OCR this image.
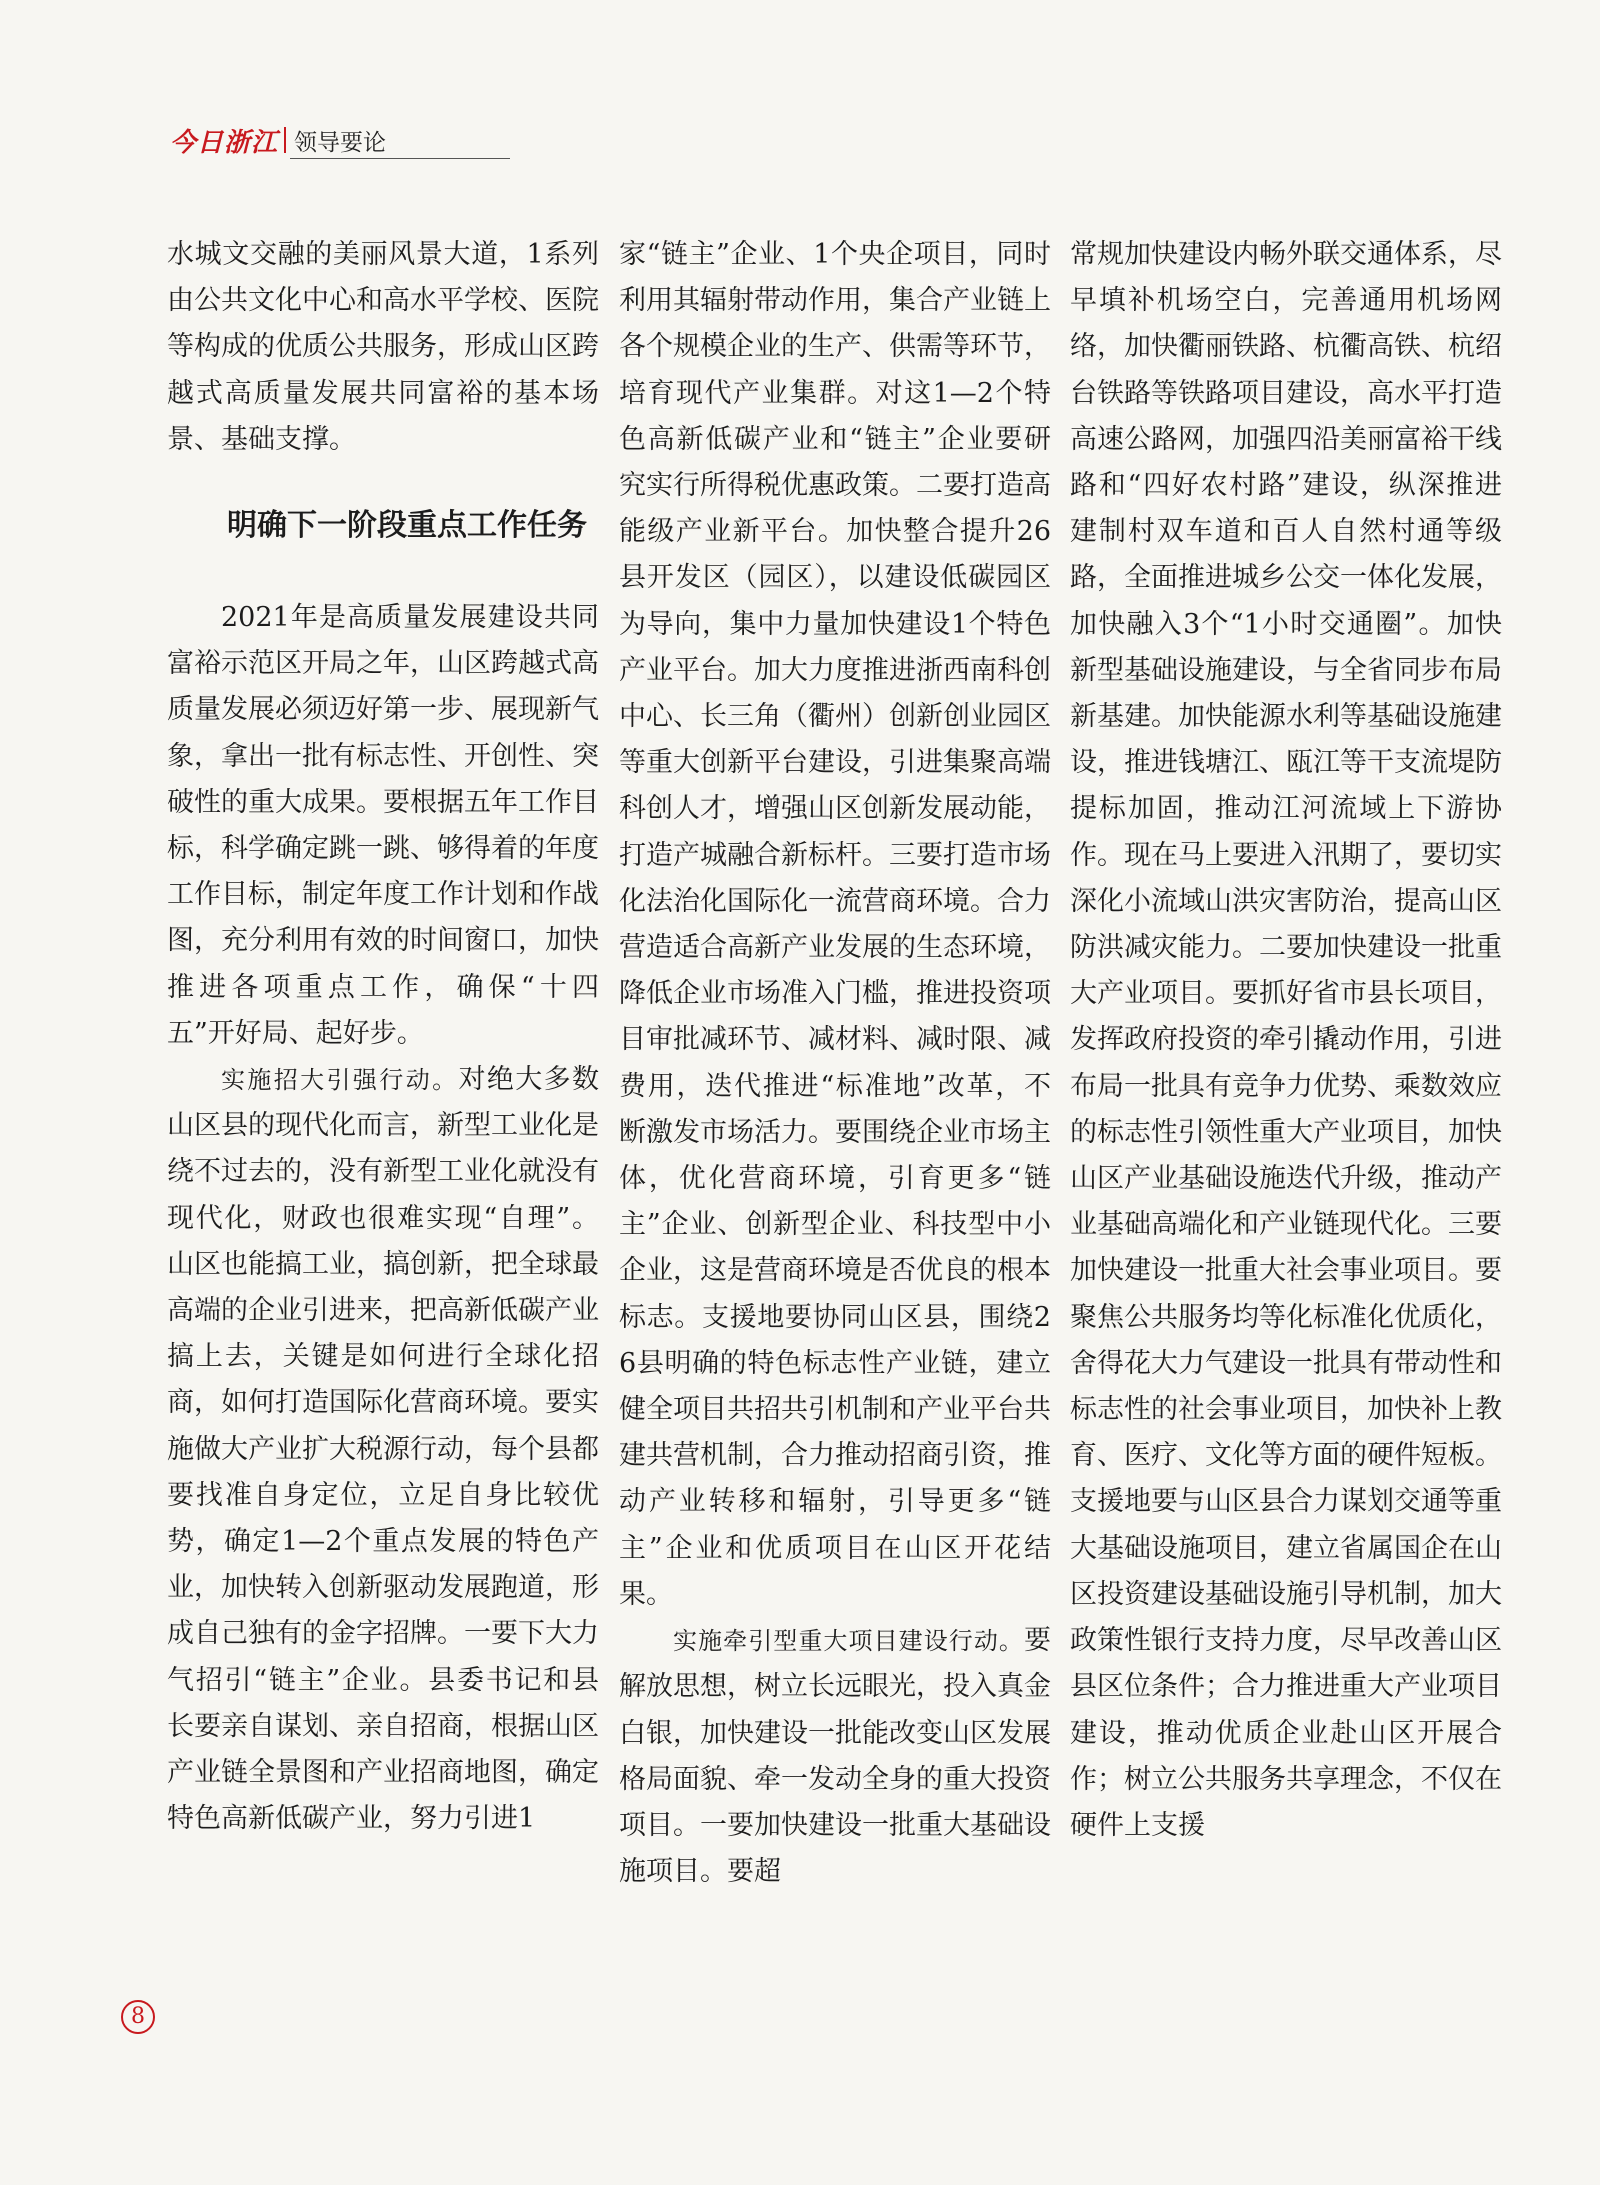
今日浙江 领导要论

水城文交融的美丽风景大道，1系列由公共文化中心和高水平学校、医院等构成的优质公共服务，形成山区跨越式高质量发展共同富裕的基本场景、基础支撑。

明确下一阶段重点工作任务

2021年是高质量发展建设共同富裕示范区开局之年，山区跨越式高质量发展必须迈好第一步、展现新气象，拿出一批有标志性、开创性、突破性的重大成果。要根据五年工作目标，科学确定跳一跳、够得着的年度工作目标，制定年度工作计划和作战图，充分利用有效的时间窗口，加快推进各项重点工作，确保“十四五”开好局、起好步。

实施招大引强行动。对绝大多数山区县的现代化而言，新型工业化是绕不过去的，没有新型工业化就没有现代化，财政也很难实现“自理”。山区也能搞工业，搞创新，把全球最高端的企业引进来，把高新低碳产业搞上去，关键是如何进行全球化招商，如何打造国际化营商环境。要实施做大产业扩大税源行动，每个县都要找准自身定位，立足自身比较优势，确定1—2个重点发展的特色产业，加快转入创新驱动发展跑道，形成自己独有的金字招牌。一要下大力气招引“链主”企业。县委书记和县长要亲自谋划、亲自招商，根据山区产业链全景图和产业招商地图，确定特色高新低碳产业，努力引进1

家“链主”企业、1个央企项目，同时利用其辐射带动作用，集合产业链上各个规模企业的生产、供需等环节，培育现代产业集群。对这1—2个特色高新低碳产业和“链主”企业要研究实行所得税优惠政策。二要打造高能级产业新平台。加快整合提升26县开发区（园区），以建设低碳园区为导向，集中力量加快建设1个特色产业平台。加大力度推进浙西南科创中心、长三角（衢州）创新创业园区等重大创新平台建设，引进集聚高端科创人才，增强山区创新发展动能，打造产城融合新标杆。三要打造市场化法治化国际化一流营商环境。合力营造适合高新产业发展的生态环境，降低企业市场准入门槛，推进投资项目审批减环节、减材料、减时限、减费用，迭代推进“标准地”改革，不断激发市场活力。要围绕企业市场主体，优化营商环境，引育更多“链主”企业、创新型企业、科技型中小企业，这是营商环境是否优良的根本标志。支援地要协同山区县，围绕26县明确的特色标志性产业链，建立健全项目共招共引机制和产业平台共建共营机制，合力推动招商引资，推动产业转移和辐射，引导更多“链主”企业和优质项目在山区开花结果。

实施牵引型重大项目建设行动。要解放思想，树立长远眼光，投入真金白银，加快建设一批能改变山区发展格局面貌、牵一发动全身的重大投资项目。一要加快建设一批重大基础设施项目。要超

常规加快建设内畅外联交通体系，尽早填补机场空白，完善通用机场网络，加快衢丽铁路、杭衢高铁、杭绍台铁路等铁路项目建设，高水平打造高速公路网，加强四沿美丽富裕干线路和“四好农村路”建设，纵深推进建制村双车道和百人自然村通等级路，全面推进城乡公交一体化发展，加快融入3个“1小时交通圈”。加快新型基础设施建设，与全省同步布局新基建。加快能源水利等基础设施建设，推进钱塘江、瓯江等干支流堤防提标加固，推动江河流域上下游协作。现在马上要进入汛期了，要切实深化小流域山洪灾害防治，提高山区防洪减灾能力。二要加快建设一批重大产业项目。要抓好省市县长项目，发挥政府投资的牵引撬动作用，引进布局一批具有竞争力优势、乘数效应的标志性引领性重大产业项目，加快山区产业基础设施迭代升级，推动产业基础高端化和产业链现代化。三要加快建设一批重大社会事业项目。要聚焦公共服务均等化标准化优质化，舍得花大力气建设一批具有带动性和标志性的社会事业项目，加快补上教育、医疗、文化等方面的硬件短板。支援地要与山区县合力谋划交通等重大基础设施项目，建立省属国企在山区投资建设基础设施引导机制，加大政策性银行支持力度，尽早改善山区县区位条件；合力推进重大产业项目建设，推动优质企业赴山区开展合作；树立公共服务共享理念，不仅在硬件上支援

8
